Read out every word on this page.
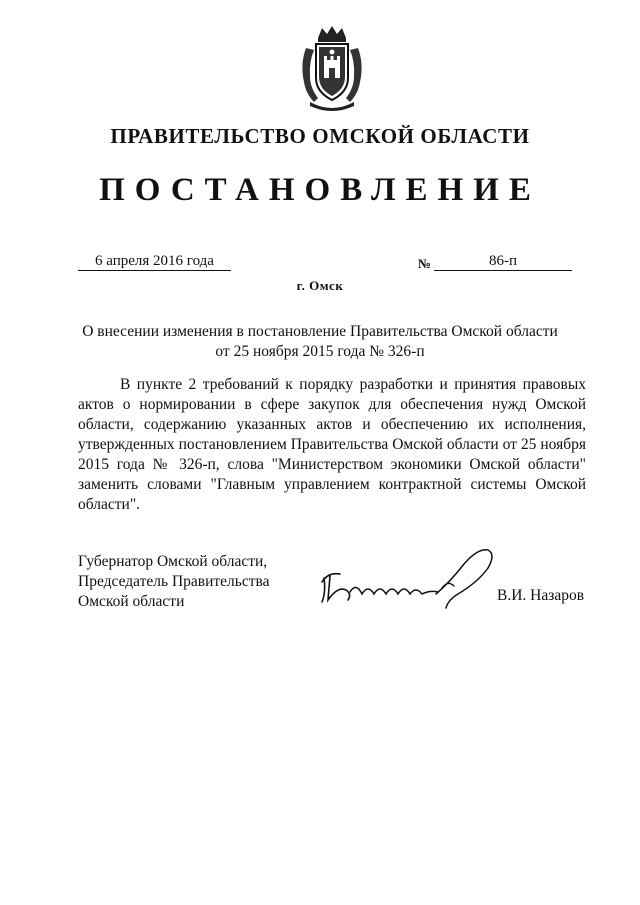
ПРАВИТЕЛЬСТВО ОМСКОЙ ОБЛАСТИ
ПОСТАНОВЛЕНИЕ
6 апреля 2016 года	№	86-п
г. Омск
О внесении изменения в постановление Правительства Омской области
от 25 ноября 2015 года № 326-п

В пункте 2 требований к порядку разработки и принятия правовых актов о нормировании в сфере закупок для обеспечения нужд Омской области, содержанию указанных актов и обеспечению их исполнения, утвержденных постановлением Правительства Омской области от 25 ноября 2015 года № 326-п, слова "Министерством экономики Омской области" заменить словами "Главным управлением контрактной системы Омской области".

Губернатор Омской области,
Председатель Правительства
Омской области	В.И. Назаров
